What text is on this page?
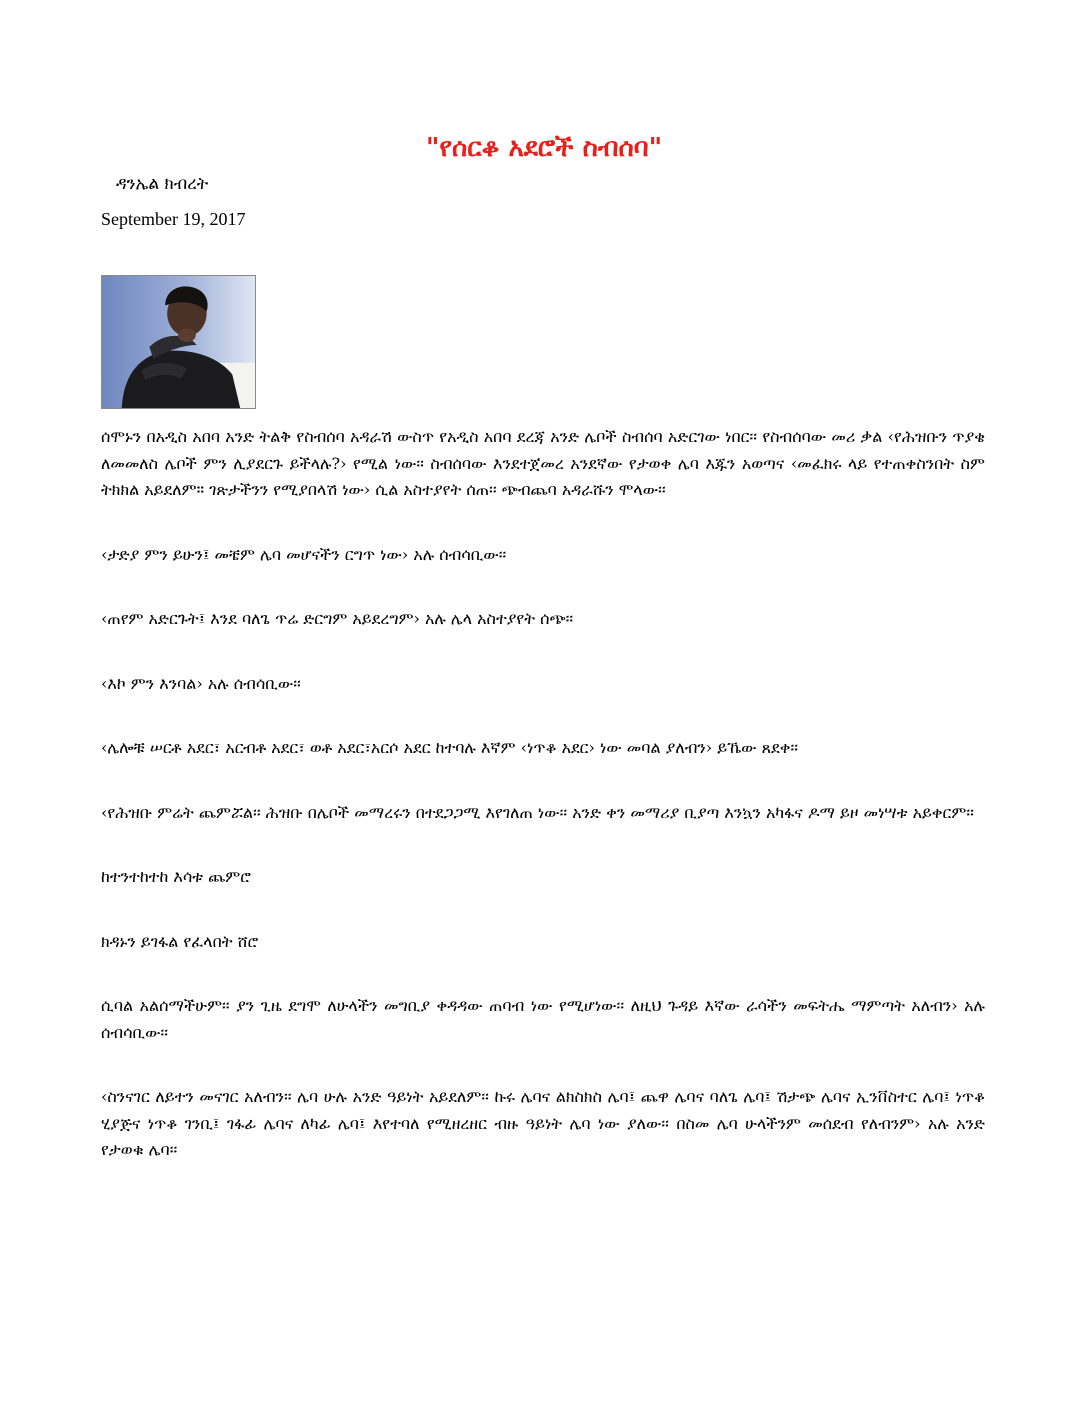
"የሰርቆ አደሮች ስብሰባ"
ዳንኤል ክብረት
September 19, 2017

ሰሞኑን በአዲስ አበባ አንድ ትልቅ የስብሰባ አዳራሽ ውስጥ የአዲስ አበባ ደረጃ አንድ ሌቦች ስብሰባ አድርገው ነበር፡፡ የስብሰባው መሪ ቃል ‹የሕዝቡን ጥያቄ ለመመለስ ሌቦች ምን ሊያደርጉ ይችላሉ?› የሚል ነው፡፡ ስብሰባው እንደተጀመረ አንደኛው የታወቀ ሌባ እጁን አወጣና ‹መፈክሩ ላይ የተጠቀስንበት ስም ትክክል አይደለም። ገጽታችንን የሚያበላሽ ነው› ሲል አስተያየት ሰጠ፡፡ ጭብጨባ አዳራሹን ሞላው፡፡

‹ታድያ ምን ይሁን፤ መቼም ሌባ መሆናችን ርግጥ ነው› አሉ ሰብሳቢው፡፡

‹ጠየም አድርጉት፤ እንደ ባለጌ ጥሬ ድርግም አይደረግም› አሉ ሌላ አስተያየት ሰጭ፡፡

‹እኮ ምን እንባል› አሉ ሰብሳቢው፡፡

‹ሌሎቹ ሠርቶ አደር፣ አርብቶ አደር፣ ወቶ አደር፣አርሶ አደር ከተባሉ እኛም ‹ነጥቆ አደር› ነው መባል ያለብን› ይኼው ጸደቀ፡፡

‹የሕዝቡ ምሬት ጨምሯል፡፡ ሕዝቡ በሌቦች መማረሩን በተደጋጋሚ እየገለጠ ነው፡፡ አንድ ቀን መማሪያ ቢያጣ እንኳን አካፋና ዶማ ይዞ መነሣቱ አይቀርም፡፡

ከተንተከተከ እሳቱ ጨምሮ

ክዳኑን ይገፋል የፈላበት ሸሮ

ሲባል አልሰማችሁም፡፡ ያን ጊዜ ደግሞ ለሁላችን መግቢያ ቀዳዳው ጠባብ ነው የሚሆነው፡፡ ለዚህ ጉዳይ እኛው ራሳችን መፍትሔ ማምጣት አለብን› አሉ ሰብሳቢው፡፡

‹ስንናገር ለይተን መናገር አለብን፡፡ ሌባ ሁሉ አንድ ዓይነት አይደለም፡፡ ኩሩ ሌባና ልክስክስ ሌባ፤ ጨዋ ሌባና ባለጌ ሌባ፤ ሽታጭ ሌባና ኢንቨስተር ሌባ፤ ነጥቆ ሂያጅና ነጥቆ ገንቢ፤ ገፋፊ ሌባና ለካፊ ሌባ፤ እየተባለ የሚዘረዘር ብዙ ዓይነት ሌባ ነው ያለው፡፡ በስመ ሌባ ሁላችንም መሰደብ የለብንም› አሉ አንድ የታወቁ ሌባ፡፡
